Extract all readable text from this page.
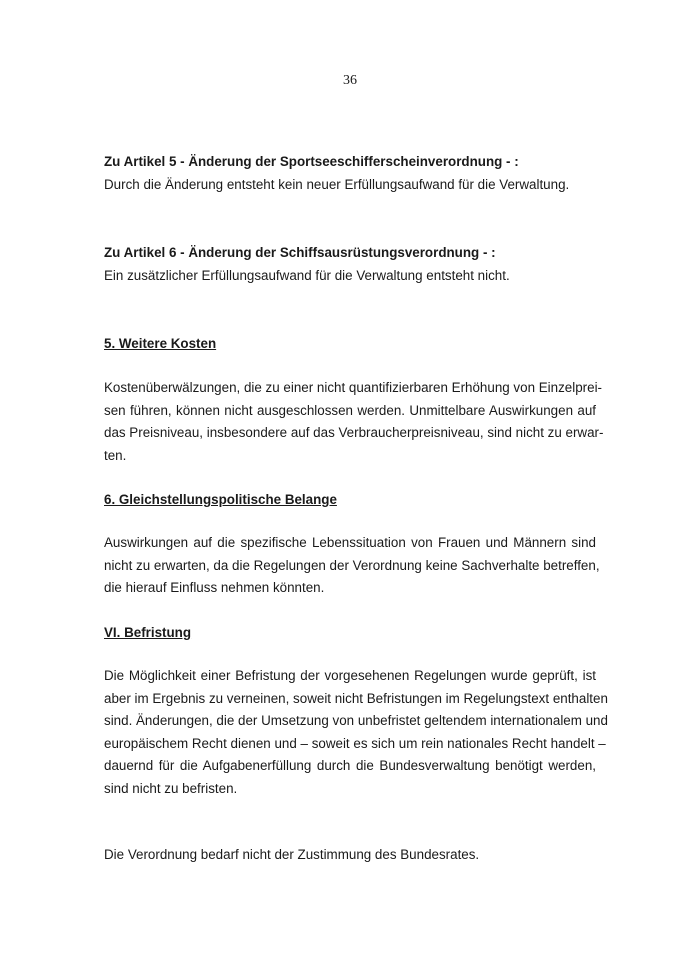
36
Zu Artikel 5 - Änderung der Sportseeschifferscheinverordnung - :
Durch die Änderung entsteht kein neuer Erfüllungsaufwand für die Verwaltung.
Zu Artikel 6 - Änderung der Schiffsausrüstungsverordnung - :
Ein zusätzlicher Erfüllungsaufwand für die Verwaltung entsteht nicht.
5. Weitere Kosten
Kostenüberwälzungen, die zu einer nicht quantifizierbaren Erhöhung von Einzelprei-
sen führen, können nicht ausgeschlossen werden. Unmittelbare Auswirkungen auf
das Preisniveau, insbesondere auf das Verbraucherpreisniveau, sind nicht zu erwar-
ten.
6. Gleichstellungspolitische Belange
Auswirkungen auf die spezifische Lebenssituation von Frauen und Männern sind
nicht zu erwarten, da die Regelungen der Verordnung keine Sachverhalte betreffen,
die hierauf Einfluss nehmen könnten.
VI. Befristung
Die Möglichkeit einer Befristung der vorgesehenen Regelungen wurde geprüft, ist
aber im Ergebnis zu verneinen, soweit nicht Befristungen im Regelungstext enthalten
sind. Änderungen, die der Umsetzung von unbefristet geltendem internationalem und
europäischem Recht dienen und – soweit es sich um rein nationales Recht handelt –
dauernd für die Aufgabenerfüllung durch die Bundesverwaltung benötigt werden,
sind nicht zu befristen.
Die Verordnung bedarf nicht der Zustimmung des Bundesrates.
